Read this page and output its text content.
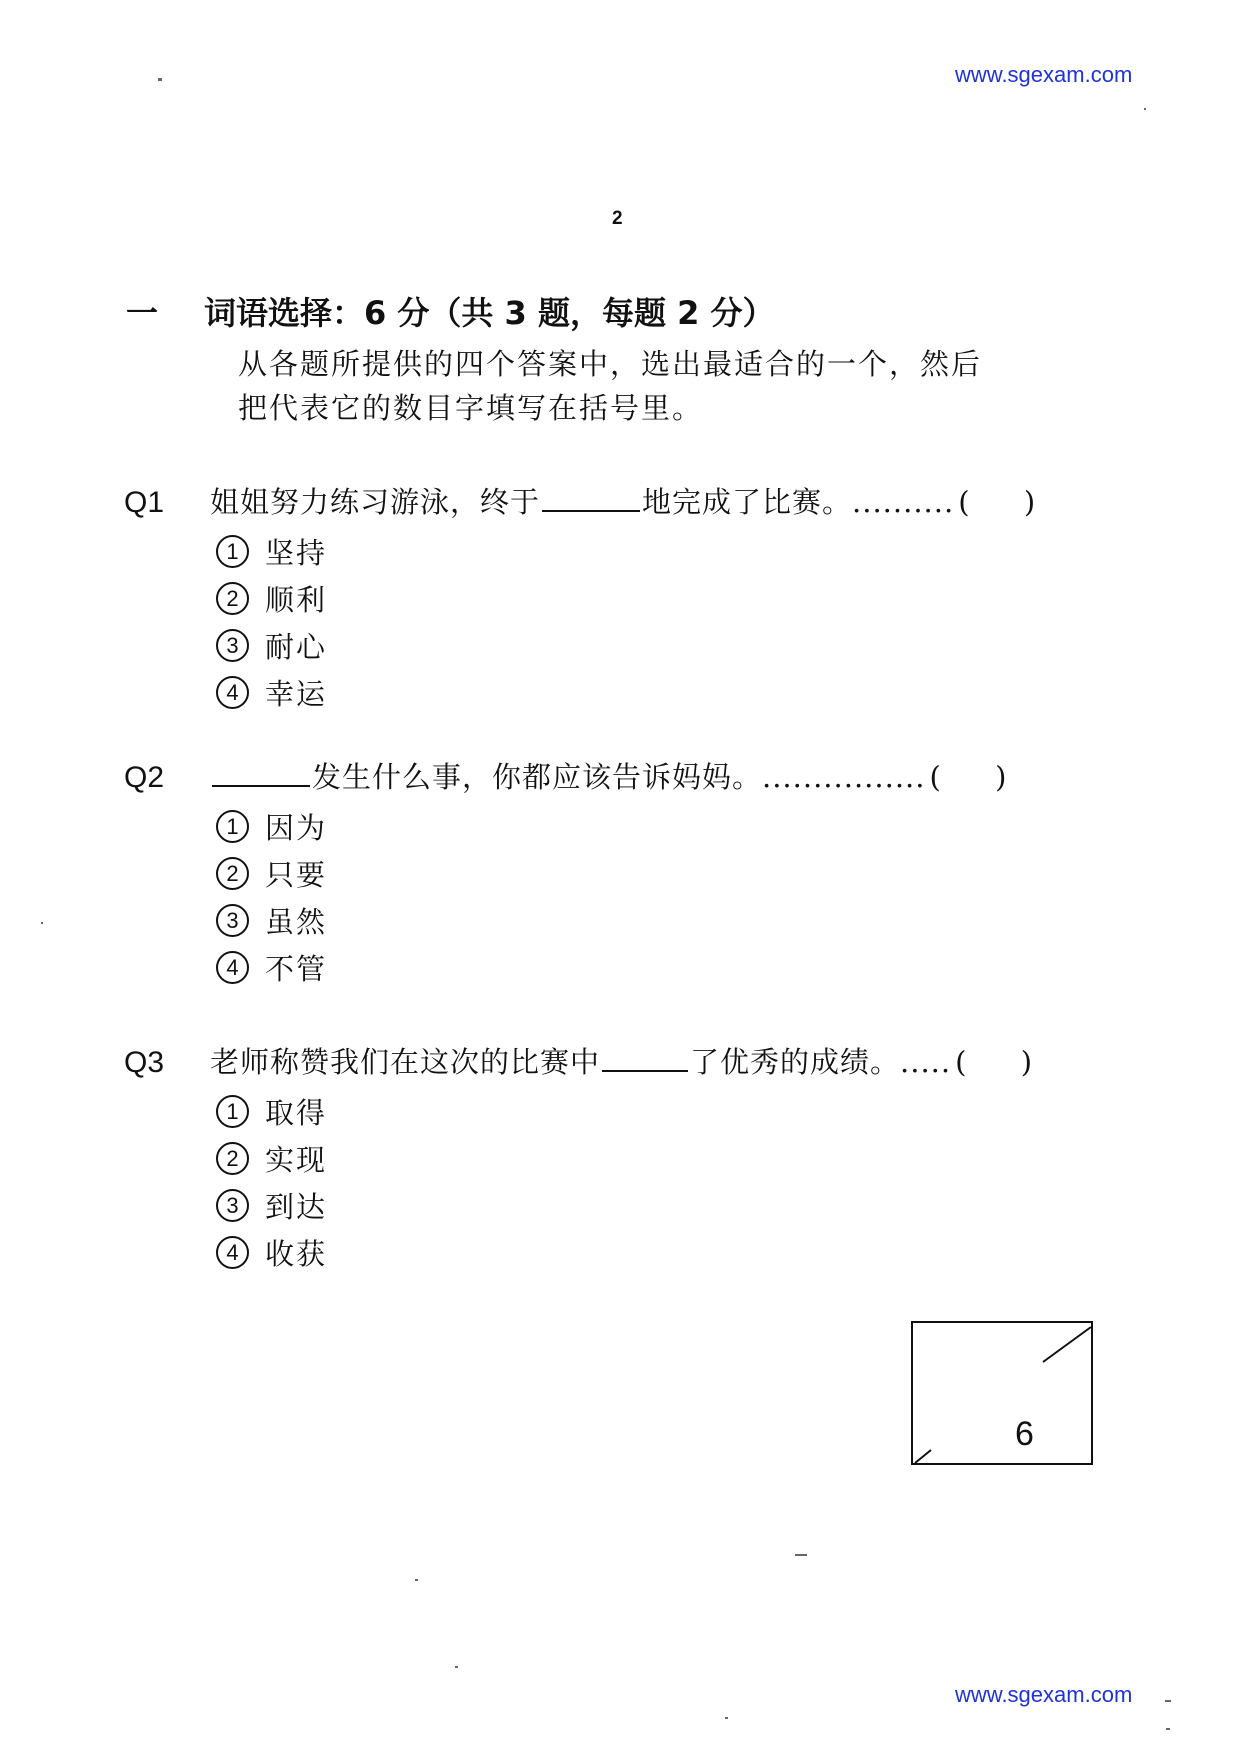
www.sgexam.com
2
一 词语选择：6 分（共 3 题，每题 2 分）

从各题所提供的四个答案中，选出最适合的一个，然后

把代表它的数目字填写在括号里。

Q1	姐姐努力练习游泳，终于	地完成了比赛。.......... ( )
1 坚持
2 顺利
3 耐心
4 幸运
Q2	发生什么事，你都应该告诉妈妈。................ ( )
1 因为
2 只要
3 虽然
4 不管
Q3	老师称赞我们在这次的比赛中	了优秀的成绩。..... ( )
1 取得
2 实现
3 到达
4 收获
6
www.sgexam.com
